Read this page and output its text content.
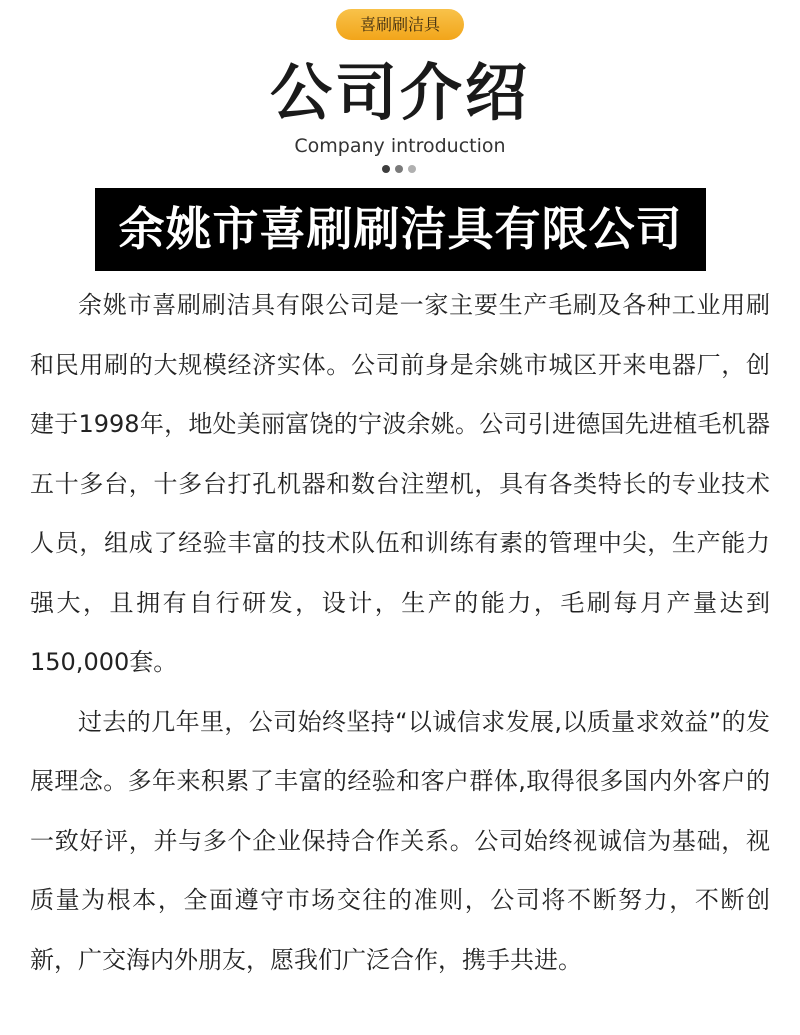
喜刷刷洁具
公司介绍
Company introduction
余姚市喜刷刷洁具有限公司

余姚市喜刷刷洁具有限公司是一家主要生产毛刷及各种工业用刷和民用刷的大规模经济实体。公司前身是余姚市城区开来电器厂，创建于1998年，地处美丽富饶的宁波余姚。公司引进德国先进植毛机器五十多台，十多台打孔机器和数台注塑机，具有各类特长的专业技术人员，组成了经验丰富的技术队伍和训练有素的管理中尖，生产能力强大，且拥有自行研发，设计，生产的能力，毛刷每月产量达到150,000套。

过去的几年里，公司始终坚持“以诚信求发展,以质量求效益”的发展理念。多年来积累了丰富的经验和客户群体,取得很多国内外客户的一致好评，并与多个企业保持合作关系。公司始终视诚信为基础，视质量为根本，全面遵守市场交往的准则，公司将不断努力，不断创新，广交海内外朋友，愿我们广泛合作，携手共进。
